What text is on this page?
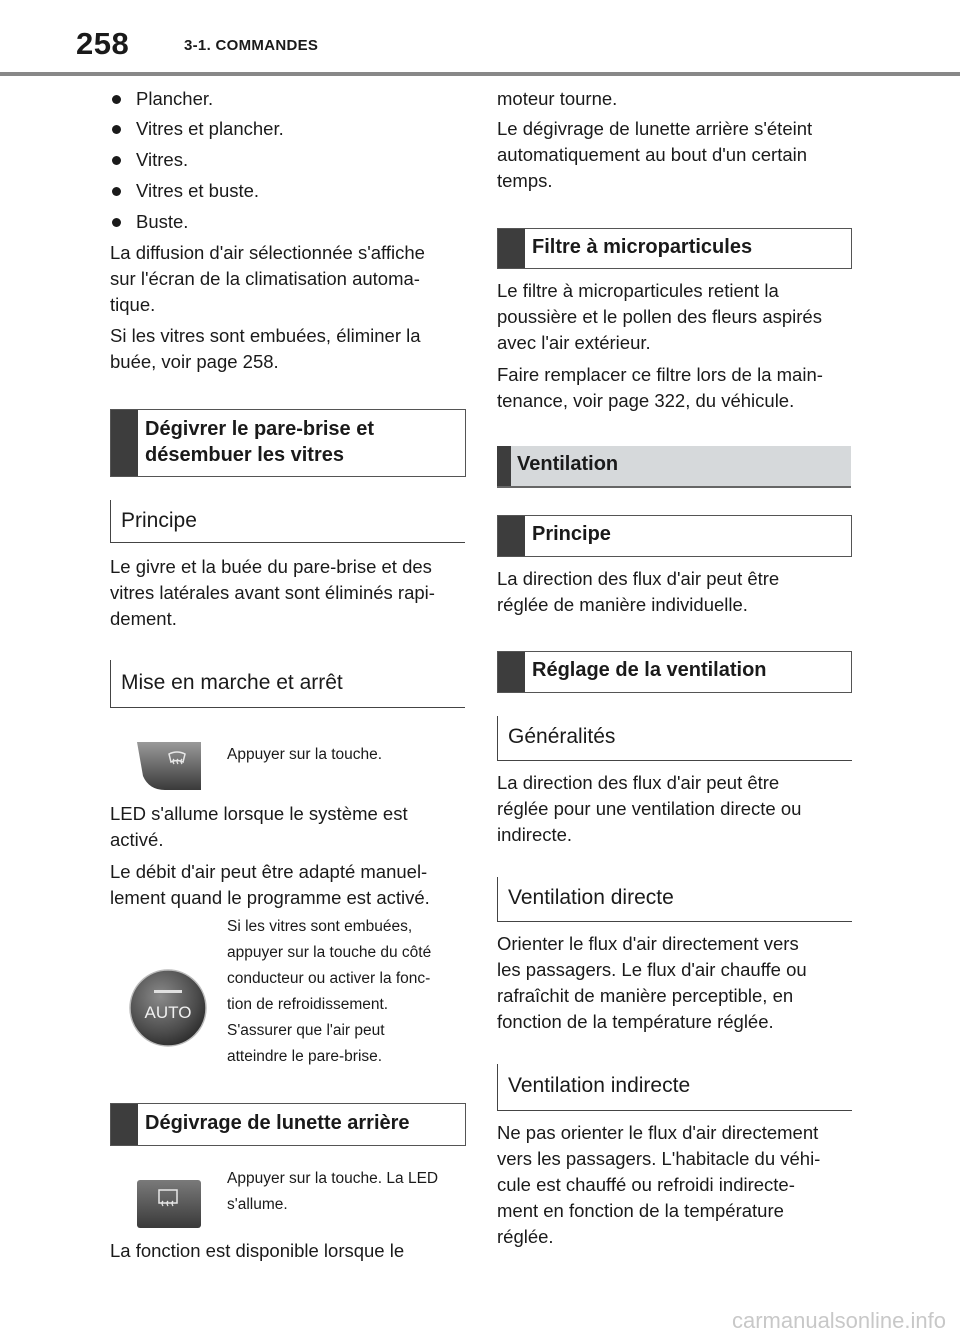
258	3-1. COMMANDES
Plancher.
Vitres et plancher.
Vitres.
Vitres et buste.
Buste.

La diffusion d'air sélectionnée s'affiche
sur l'écran de la climatisation automa-
tique.

Si les vitres sont embuées, éliminer la
buée, voir page 258.

Dégivrer le pare-brise et
désembuer les vitres
Principe

Le givre et la buée du pare-brise et des
vitres latérales avant sont éliminés rapi-
dement.

Mise en marche et arrêt
Appuyer sur la touche.

LED s'allume lorsque le système est
activé.

Le débit d'air peut être adapté manuel-
lement quand le programme est activé.

AUTO
Si les vitres sont embuées,
appuyer sur la touche du côté
conducteur ou activer la fonc-
tion de refroidissement.
S'assurer que l'air peut
atteindre le pare-brise.
Dégivrage de lunette arrière
Appuyer sur la touche. La LED
s'allume.

La fonction est disponible lorsque le

moteur tourne.

Le dégivrage de lunette arrière s'éteint
automatiquement au bout d'un certain
temps.

Filtre à microparticules

Le filtre à microparticules retient la
poussière et le pollen des fleurs aspirés
avec l'air extérieur.

Faire remplacer ce filtre lors de la main-
tenance, voir page 322, du véhicule.

Ventilation
Principe

La direction des flux d'air peut être
réglée de manière individuelle.

Réglage de la ventilation
Généralités

La direction des flux d'air peut être
réglée pour une ventilation directe ou
indirecte.

Ventilation directe

Orienter le flux d'air directement vers
les passagers. Le flux d'air chauffe ou
rafraîchit de manière perceptible, en
fonction de la température réglée.

Ventilation indirecte

Ne pas orienter le flux d'air directement
vers les passagers. L'habitacle du véhi-
cule est chauffé ou refroidi indirecte-
ment en fonction de la température
réglée.

carmanualsonline.info
